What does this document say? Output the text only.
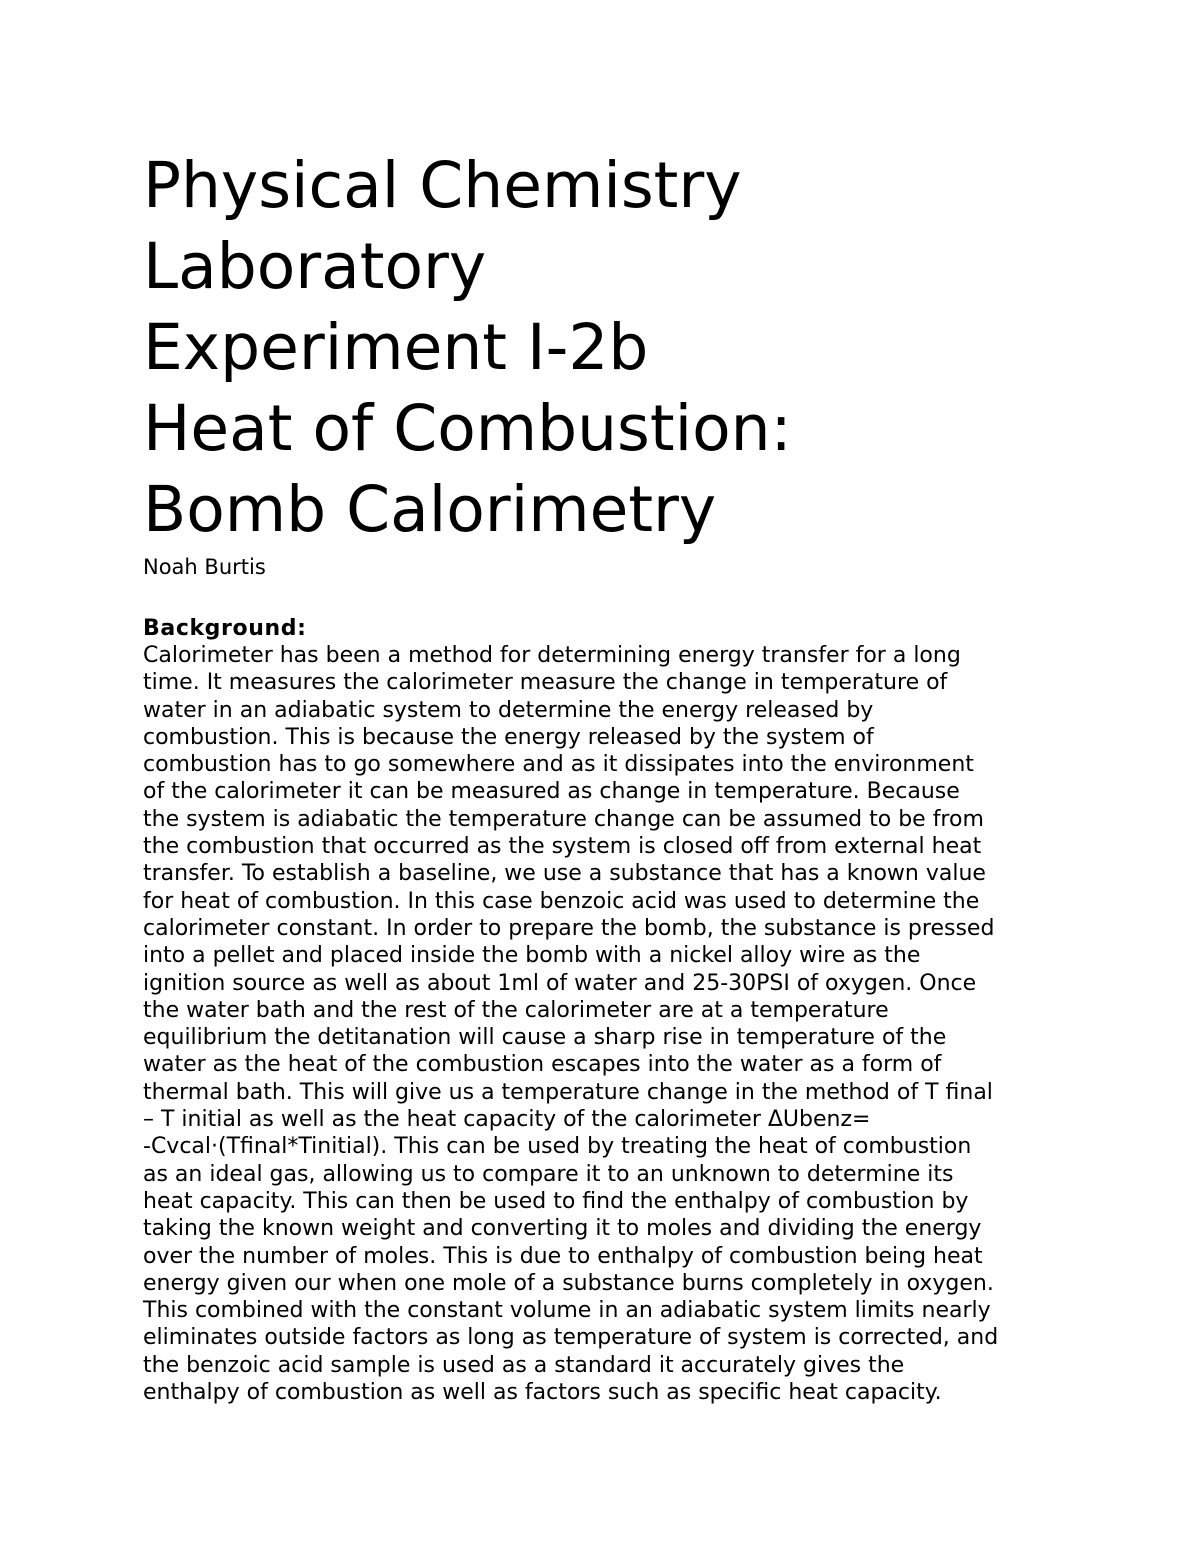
Physical Chemistry
Laboratory
Experiment I-2b
Heat of Combustion:
Bomb Calorimetry

Noah Burtis

Background:

Calorimeter has been a method for determining energy transfer for a long
time. It measures the calorimeter measure the change in temperature of
water in an adiabatic system to determine the energy released by
combustion. This is because the energy released by the system of
combustion has to go somewhere and as it dissipates into the environment
of the calorimeter it can be measured as change in temperature. Because
the system is adiabatic the temperature change can be assumed to be from
the combustion that occurred as the system is closed off from external heat
transfer. To establish a baseline, we use a substance that has a known value
for heat of combustion. In this case benzoic acid was used to determine the
calorimeter constant. In order to prepare the bomb, the substance is pressed
into a pellet and placed inside the bomb with a nickel alloy wire as the
ignition source as well as about 1ml of water and 25-30PSI of oxygen. Once
the water bath and the rest of the calorimeter are at a temperature
equilibrium the detitanation will cause a sharp rise in temperature of the
water as the heat of the combustion escapes into the water as a form of
thermal bath. This will give us a temperature change in the method of T final
– T initial as well as the heat capacity of the calorimeter ΔUbenz=
-Cvcal·(Tfinal*Tinitial). This can be used by treating the heat of combustion
as an ideal gas, allowing us to compare it to an unknown to determine its
heat capacity. This can then be used to find the enthalpy of combustion by
taking the known weight and converting it to moles and dividing the energy
over the number of moles. This is due to enthalpy of combustion being heat
energy given our when one mole of a substance burns completely in oxygen.
This combined with the constant volume in an adiabatic system limits nearly
eliminates outside factors as long as temperature of system is corrected, and
the benzoic acid sample is used as a standard it accurately gives the
enthalpy of combustion as well as factors such as specific heat capacity.
